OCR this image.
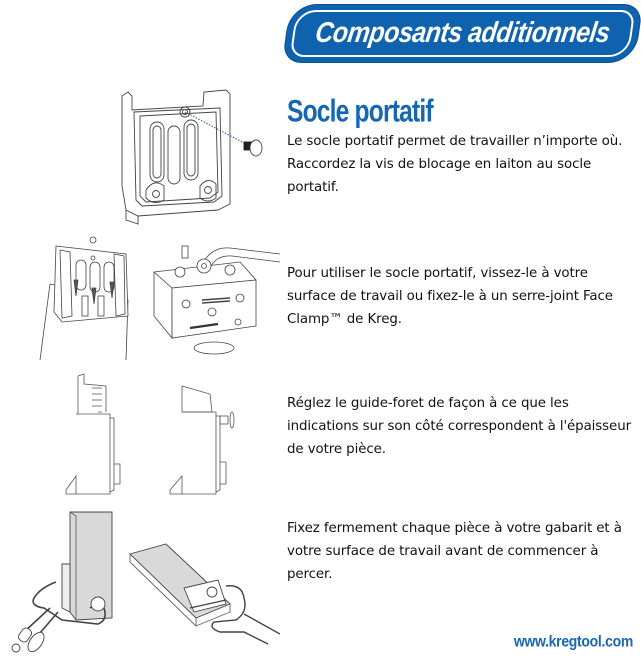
Composants additionnels
Socle portatif
Le socle portatif permet de travailler n’importe où. Raccordez la vis de blocage en laiton au socle portatif.
Pour utiliser le socle portatif, vissez-le à votre surface de travail ou fixez-le à un serre-joint Face Clamp™ de Kreg.
Réglez le guide-foret de façon à ce que les indications sur son côté correspondent à l'épaisseur de votre pièce.
Fixez fermement chaque pièce à votre gabarit et à votre surface de travail avant de commencer à percer.
www.kregtool.com
